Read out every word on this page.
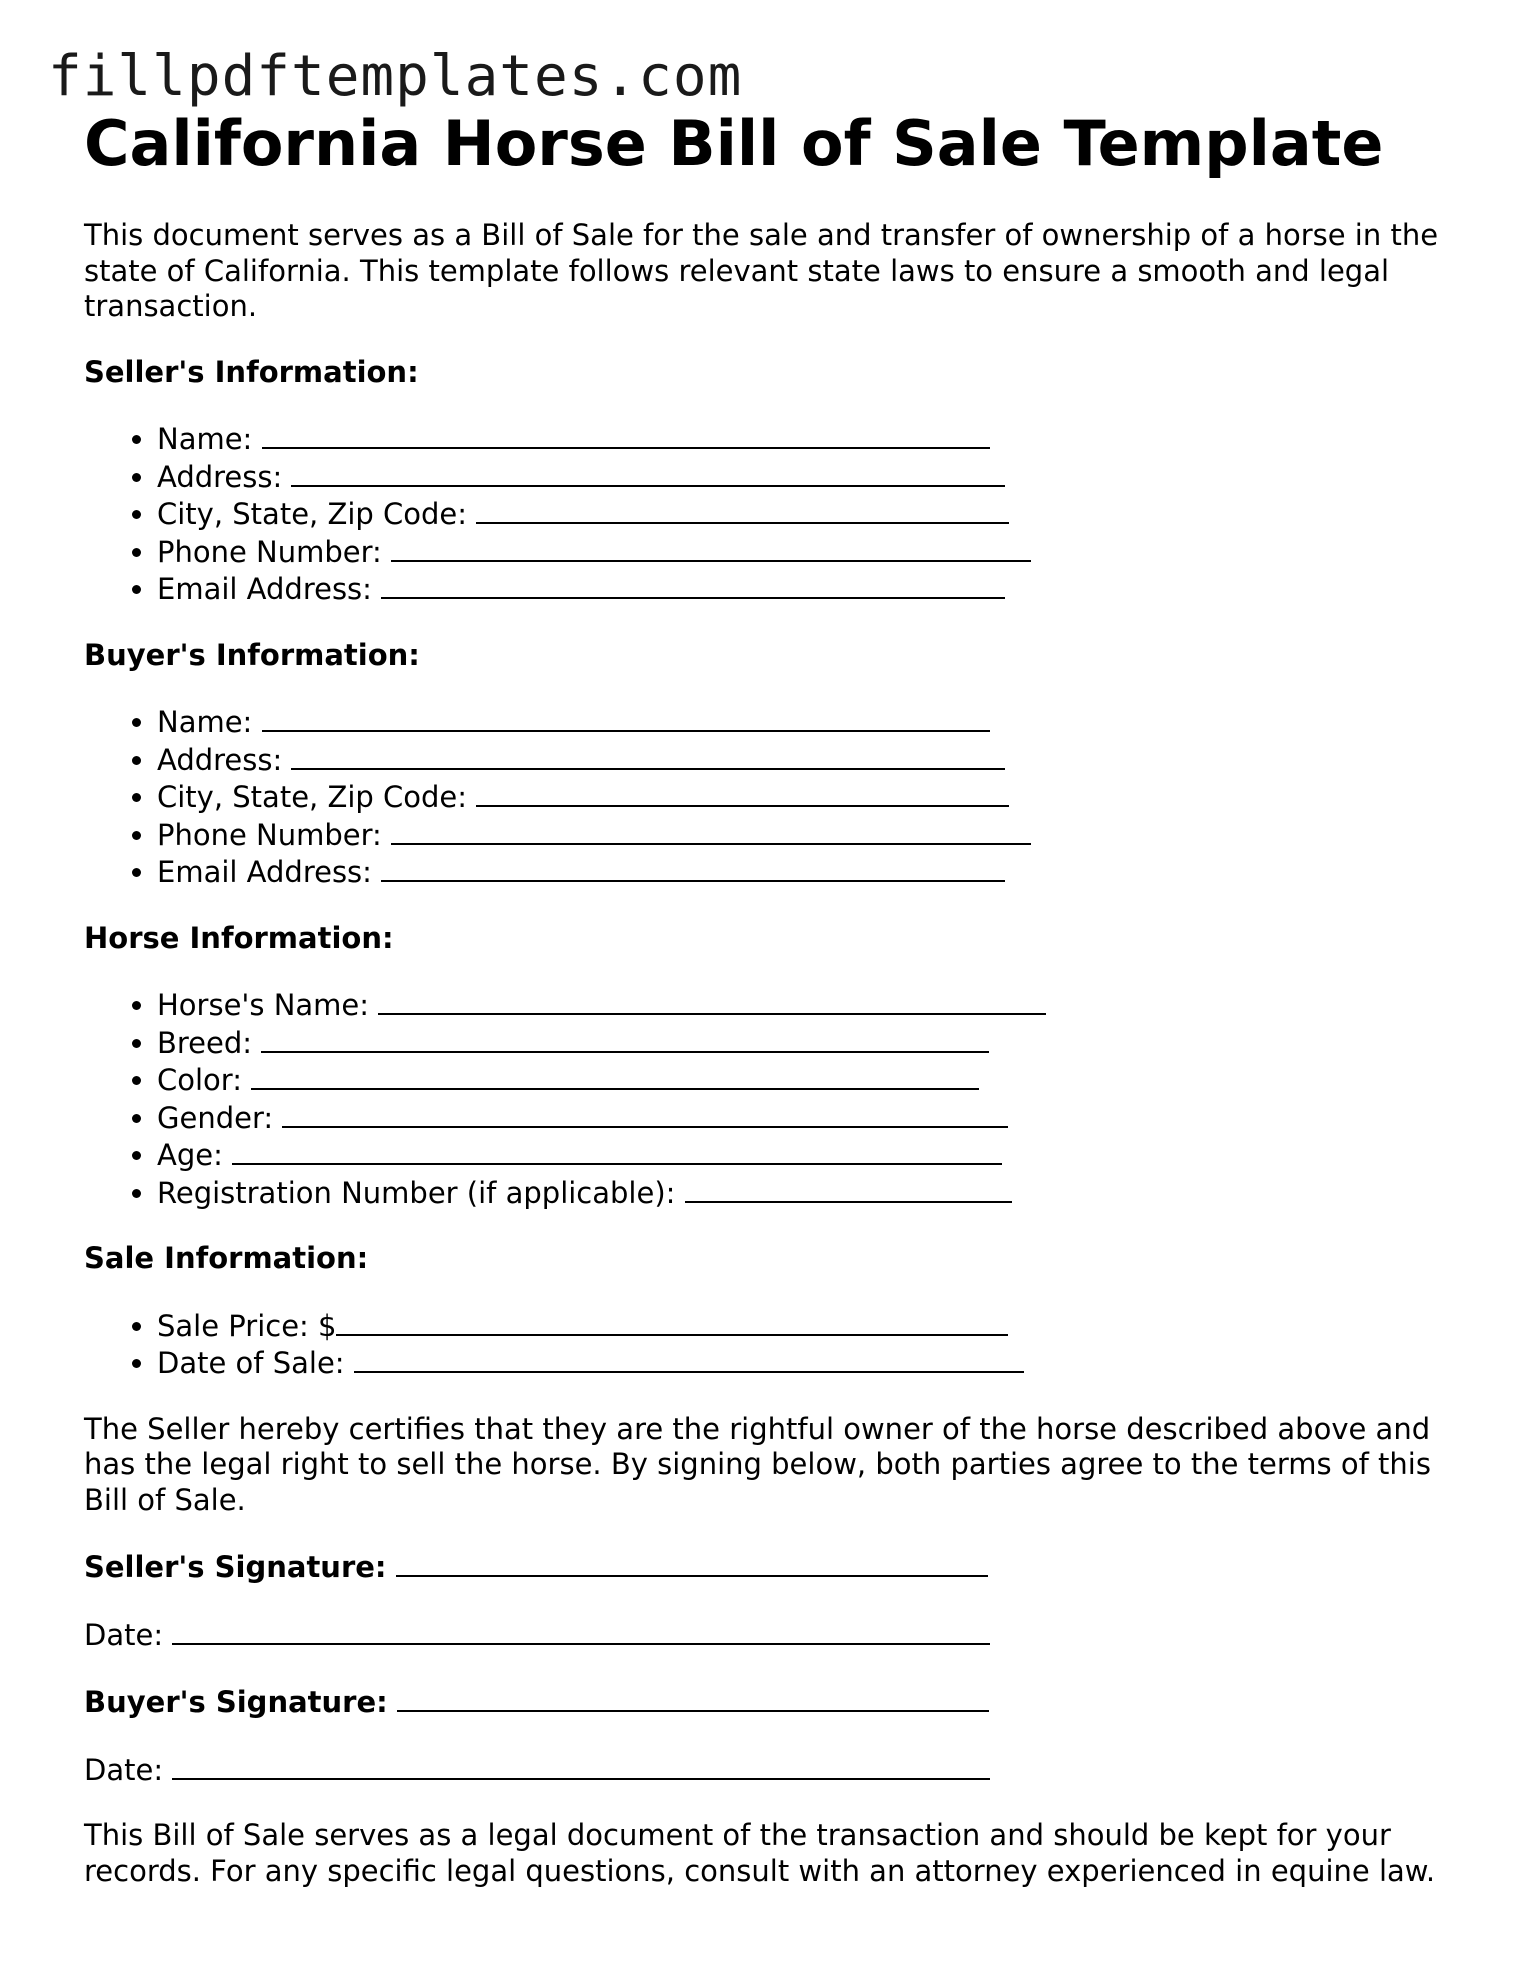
fillpdftemplates.com
California Horse Bill of Sale Template

This document serves as a Bill of Sale for the sale and transfer of ownership of a horse in the state of California. This template follows relevant state laws to ensure a smooth and legal transaction.

Seller's Information:
• Name:
• Address:
• City, State, Zip Code:
• Phone Number:
• Email Address:
Buyer's Information:
• Name:
• Address:
• City, State, Zip Code:
• Phone Number:
• Email Address:
Horse Information:
• Horse's Name:
• Breed:
• Color:
• Gender:
• Age:
• Registration Number (if applicable):
Sale Information:
• Sale Price: $
• Date of Sale:

The Seller hereby certifies that they are the rightful owner of the horse described above and has the legal right to sell the horse. By signing below, both parties agree to the terms of this Bill of Sale.

Seller's Signature:
Date:
Buyer's Signature:
Date:

This Bill of Sale serves as a legal document of the transaction and should be kept for your records. For any specific legal questions, consult with an attorney experienced in equine law.
